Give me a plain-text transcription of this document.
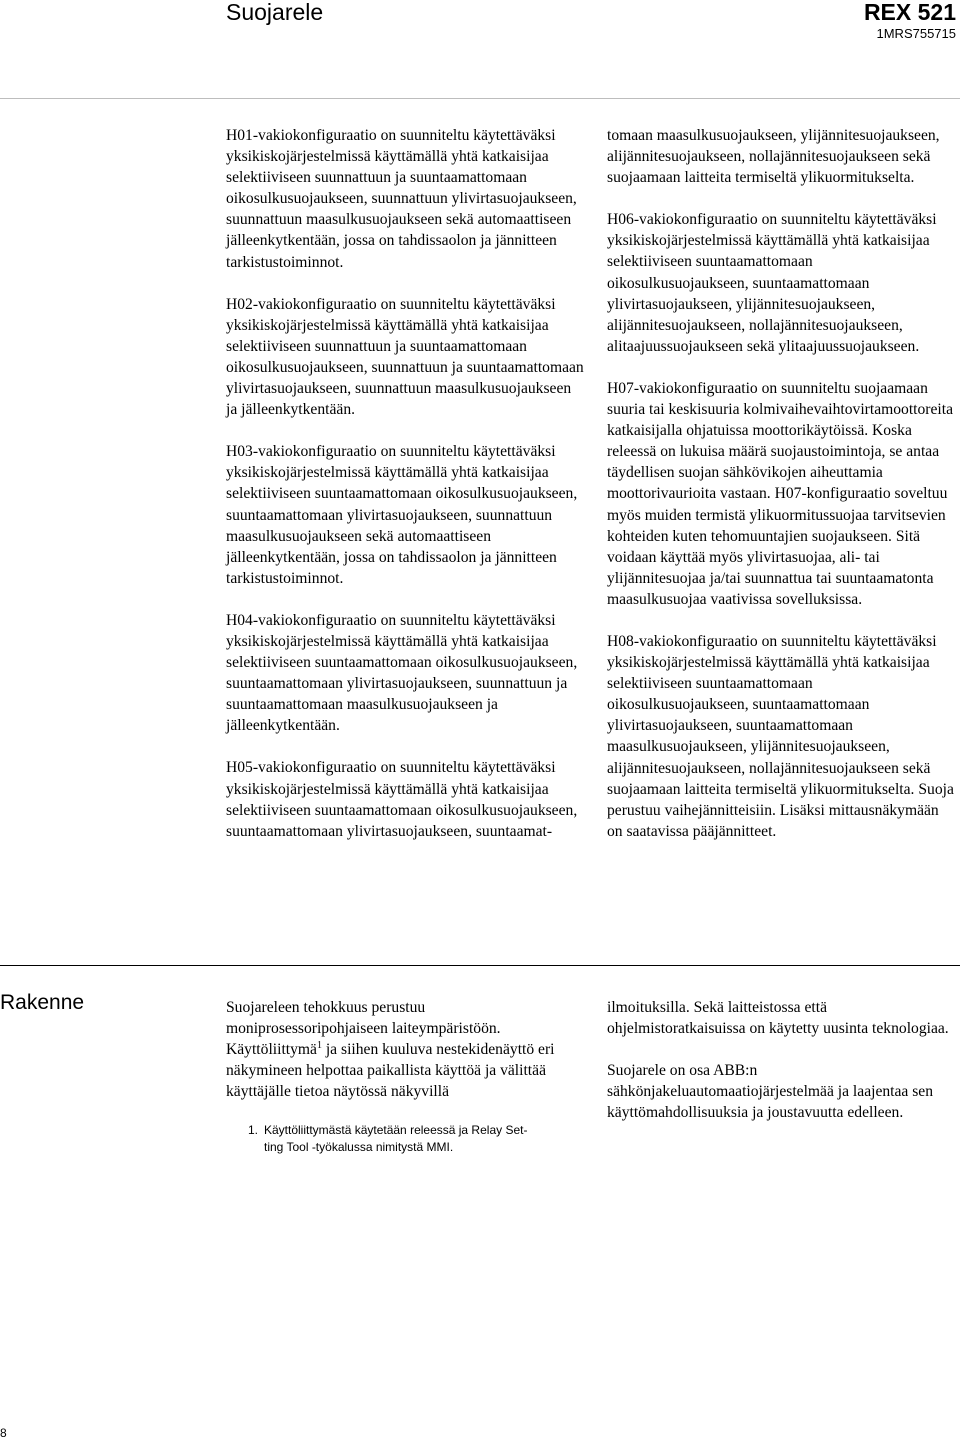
Suojarele	REX 521
1MRS755715

H01-vakiokonfiguraatio on suunniteltu käytettäväksi yksikiskojärjestelmissä käyttämällä yhtä katkaisijaa selektiiviseen suunnattuun ja suuntaamattomaan oikosulkusuojaukseen, suunnattuun ylivirtasuojaukseen, suunnattuun maasulkusuojaukseen sekä automaattiseen jälleenkytkentään, jossa on tahdissaolon ja jännitteen tarkistustoiminnot.

H02-vakiokonfiguraatio on suunniteltu käytettäväksi yksikiskojärjestelmissä käyttämällä yhtä katkaisijaa selektiiviseen suunnattuun ja suuntaamattomaan oikosulkusuojaukseen, suunnattuun ja suuntaamattomaan ylivirtasuojaukseen, suunnattuun maasulkusuojaukseen ja jälleenkytkentään.

H03-vakiokonfiguraatio on suunniteltu käytettäväksi yksikiskojärjestelmissä käyttämällä yhtä katkaisijaa selektiiviseen suuntaamattomaan oikosulkusuojaukseen, suuntaamattomaan ylivirtasuojaukseen, suunnattuun maasulkusuojaukseen sekä automaattiseen jälleenkytkentään, jossa on tahdissaolon ja jännitteen tarkistustoiminnot.

H04-vakiokonfiguraatio on suunniteltu käytettäväksi yksikiskojärjestelmissä käyttämällä yhtä katkaisijaa selektiiviseen suuntaamattomaan oikosulkusuojaukseen, suuntaamattomaan ylivirtasuojaukseen, suunnattuun ja suuntaamattomaan maasulkusuojaukseen ja jälleenkytkentään.

H05-vakiokonfiguraatio on suunniteltu käytettäväksi yksikiskojärjestelmissä käyttämällä yhtä katkaisijaa selektiiviseen suuntaamattomaan oikosulkusuojaukseen, suuntaamattomaan ylivirtasuojaukseen, suuntaamat-

tomaan maasulkusuojaukseen, ylijännitesuojaukseen, alijännitesuojaukseen, nollajännitesuojaukseen sekä suojaamaan laitteita termiseltä ylikuormitukselta.

H06-vakiokonfiguraatio on suunniteltu käytettäväksi yksikiskojärjestelmissä käyttämällä yhtä katkaisijaa selektiiviseen suuntaamattomaan oikosulkusuojaukseen, suuntaamattomaan ylivirtasuojaukseen, ylijännitesuojaukseen, alijännitesuojaukseen, nollajännitesuojaukseen, alitaajuussuojaukseen sekä ylitaajuussuojaukseen.

H07-vakiokonfiguraatio on suunniteltu suojaamaan suuria tai keskisuuria kolmivaihevaihtovirtamoottoreita katkaisijalla ohjatuissa moottorikäytöissä. Koska releessä on lukuisa määrä suojaustoimintoja, se antaa täydellisen suojan sähkövikojen aiheuttamia moottorivaurioita vastaan. H07-konfiguraatio soveltuu myös muiden termistä ylikuormitussuojaa tarvitsevien kohteiden kuten tehomuuntajien suojaukseen. Sitä voidaan käyttää myös ylivirtasuojaa, ali- tai ylijännitesuojaa ja/tai suunnattua tai suuntaamatonta maasulkusuojaa vaativissa sovelluksissa.

H08-vakiokonfiguraatio on suunniteltu käytettäväksi yksikiskojärjestelmissä käyttämällä yhtä katkaisijaa selektiiviseen suuntaamattomaan oikosulkusuojaukseen, suuntaamattomaan ylivirtasuojaukseen, suuntaamattomaan maasulkusuojaukseen, ylijännitesuojaukseen, alijännitesuojaukseen, nollajännitesuojaukseen sekä suojaamaan laitteita termiseltä ylikuormitukselta. Suoja perustuu vaihejännitteisiin. Lisäksi mittausnäkymään on saatavissa pääjännitteet.

Rakenne	Suojareleen tehokkuus perustuu moniprosessoripohjaiseen laiteympäristöön. Käyttöliittymä$^1$ ja siihen kuuluva nestekidenäyttö eri näkymineen helpottaa paikallista käyttöä ja välittää käyttäjälle tietoa näytössä näkyvillä

1. Käyttöliittymästä käytetään releessä ja Relay Set-
ting Tool -työkalussa nimitystä MMI.

ilmoituksilla. Sekä laitteistossa että ohjelmistoratkaisuissa on käytetty uusinta teknologiaa.

Suojarele on osa ABB:n sähkönjakeluautomaatiojärjestelmää ja laajentaa sen käyttömahdollisuuksia ja joustavuutta edelleen.

8
